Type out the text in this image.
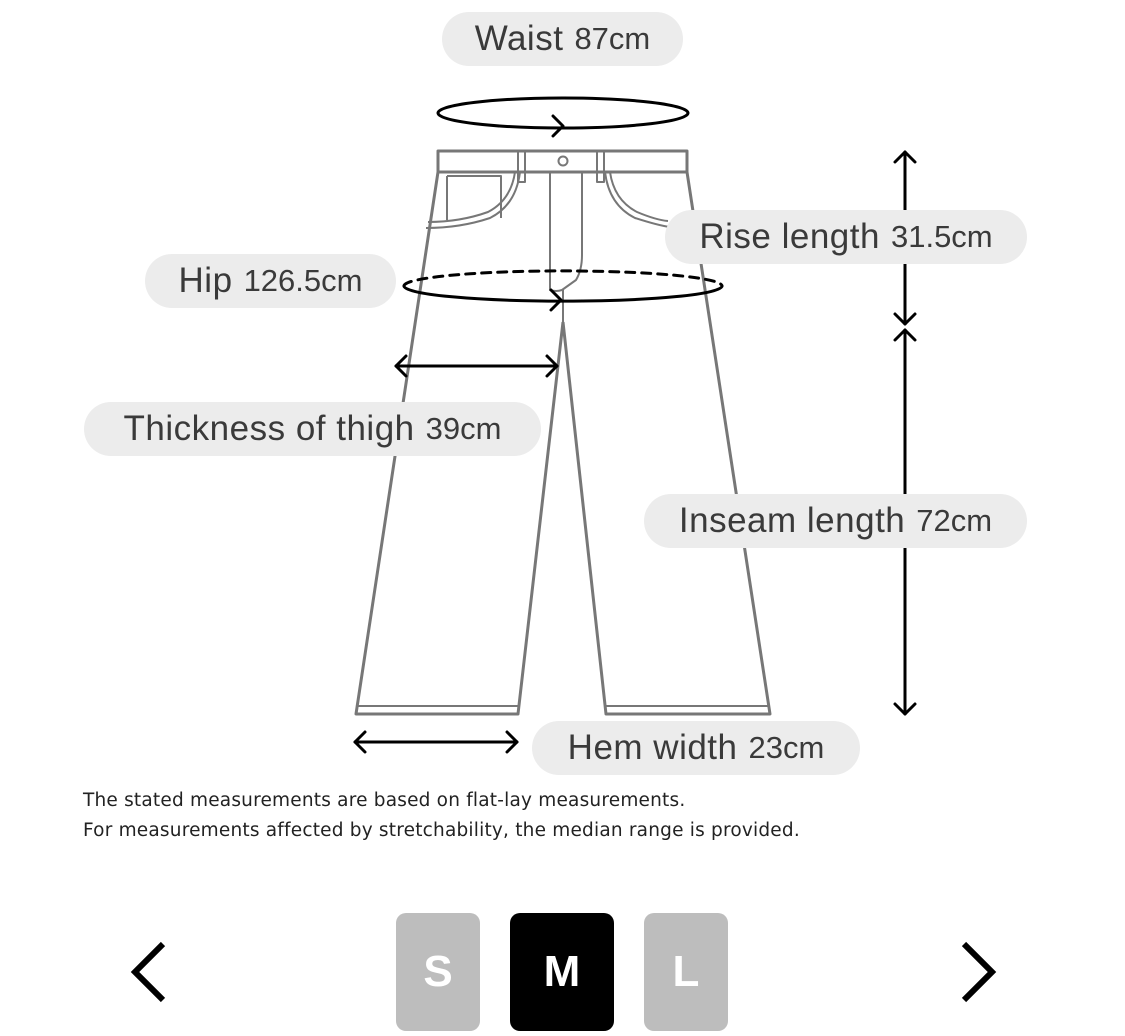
Waist 87cm
Rise length 31.5cm
Hip 126.5cm
Thickness of thigh 39cm
Inseam length 72cm
Hem width 23cm
The stated measurements are based on flat-lay measurements.
For measurements affected by stretchability, the median range is provided.
S M L
